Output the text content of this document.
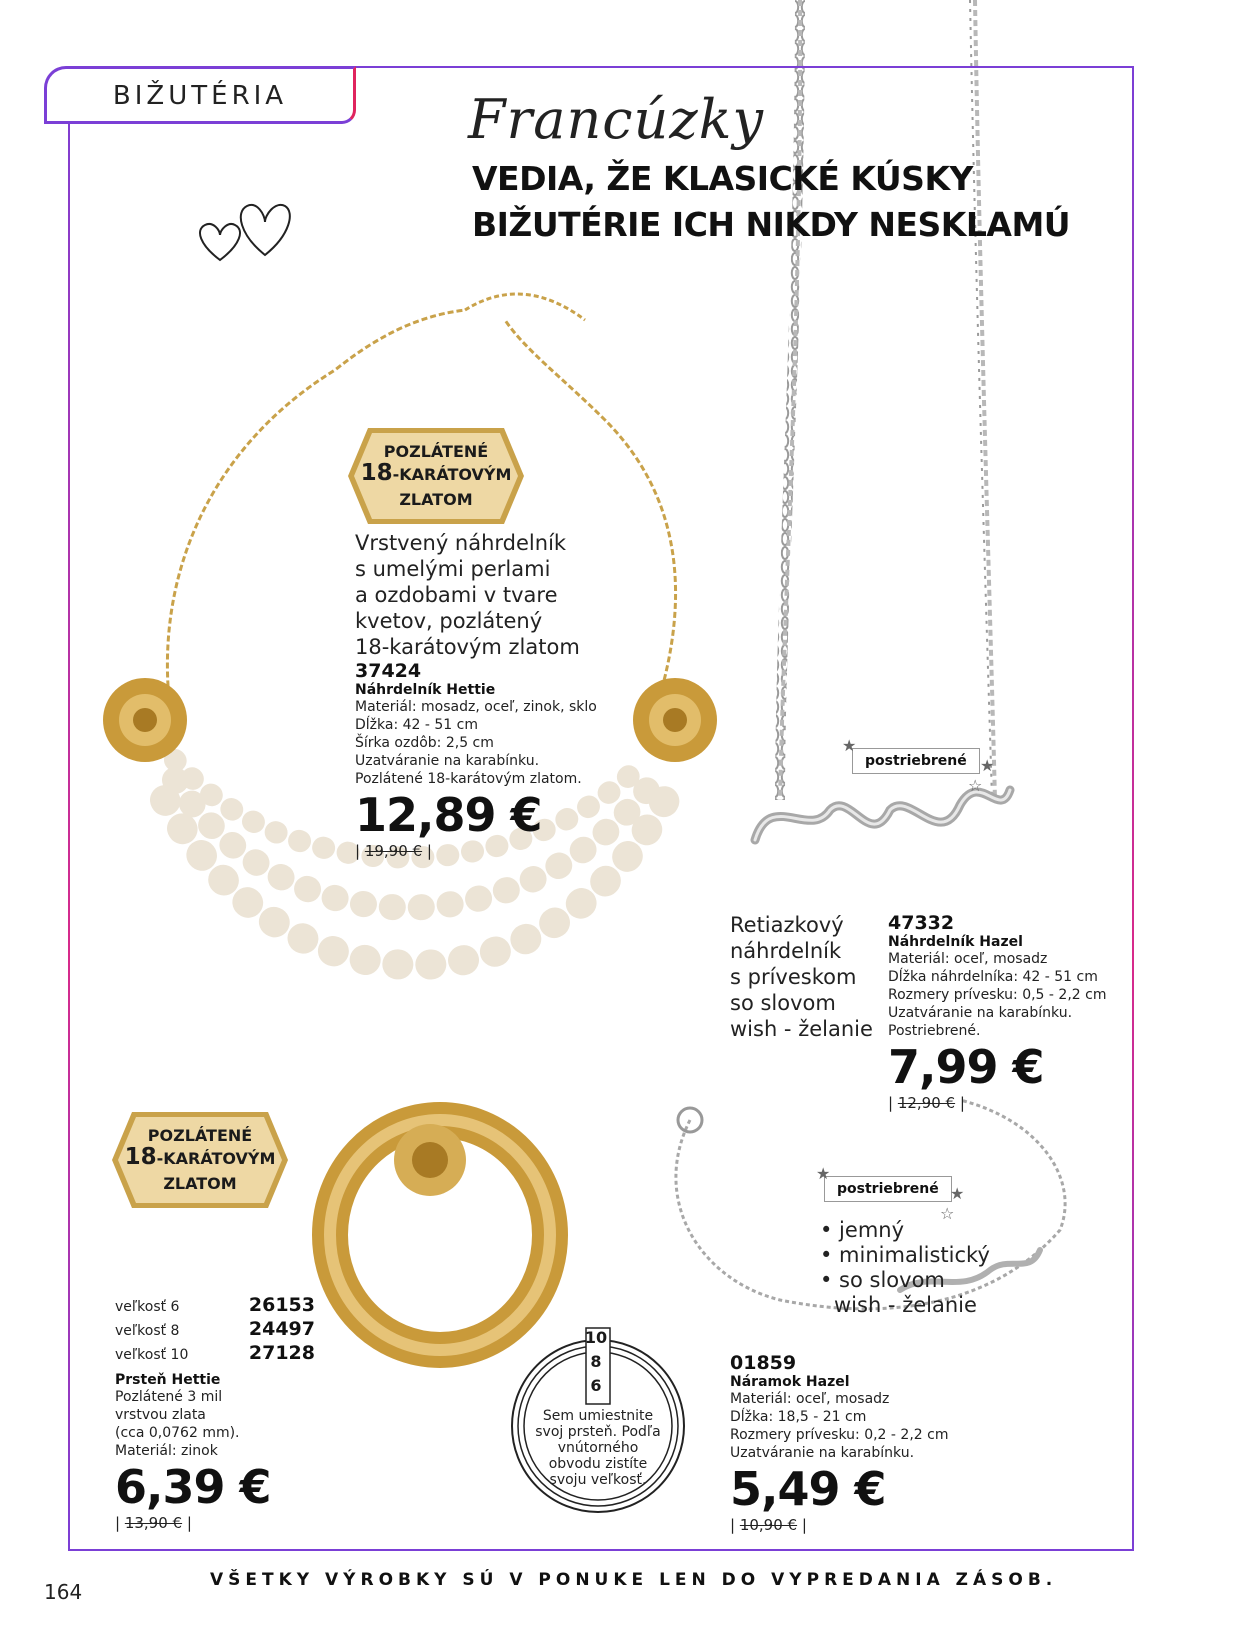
BIŽUTÉRIA	Francúzky
VEDIA, ŽE KLASICKÉ KÚSKY
BIŽUTÉRIE ICH NIKDY NESKLAMÚ
POZLÁTENÉ
18-KARÁTOVÝM
ZLATOM
Vrstvený náhrdelník
s umelými perlami
a ozdobami v tvare
kvetov, pozlátený
18-karátovým zlatom
37424
Náhrdelník Hettie
Materiál: mosadz, oceľ, zinok, sklo
Dĺžka: 42 - 51 cm
Šírka ozdôb: 2,5 cm
Uzatváranie na karabínku.
Pozlátené 18-karátovým zlatom.
12,89 €
| 19,90 € |
postriebrené
★
★
☆
Retiazkový
náhrdelník
s príveskom
so slovom
wish - želanie
47332
Náhrdelník Hazel
Materiál: oceľ, mosadz
Dĺžka náhrdelníka: 42 - 51 cm
Rozmery prívesku: 0,5 - 2,2 cm
Uzatváranie na karabínku.
Postriebrené.
7,99 €
| 12,90 € |
POZLÁTENÉ
18-KARÁTOVÝM
ZLATOM
veľkosť 6	26153
veľkosť 8	24497
veľkosť 10	27128
Prsteň Hettie
Pozlátené 3 mil
vrstvou zlata
(cca 0,0762 mm).
Materiál: zinok
6,39 €
| 13,90 € |
10
8
6
Sem umiestnite
svoj prsteň. Podľa
vnútorného
obvodu zistíte
svoju veľkosť.
postriebrené
★
★
☆
• jemný
• minimalistický
• so slovom
wish - želanie
01859
Náramok Hazel
Materiál: oceľ, mosadz
Dĺžka: 18,5 - 21 cm
Rozmery prívesku: 0,2 - 2,2 cm
Uzatváranie na karabínku.
5,49 €
| 10,90 € |
164	VŠETKY VÝROBKY SÚ V PONUKE LEN DO VYPREDANIA ZÁSOB.
